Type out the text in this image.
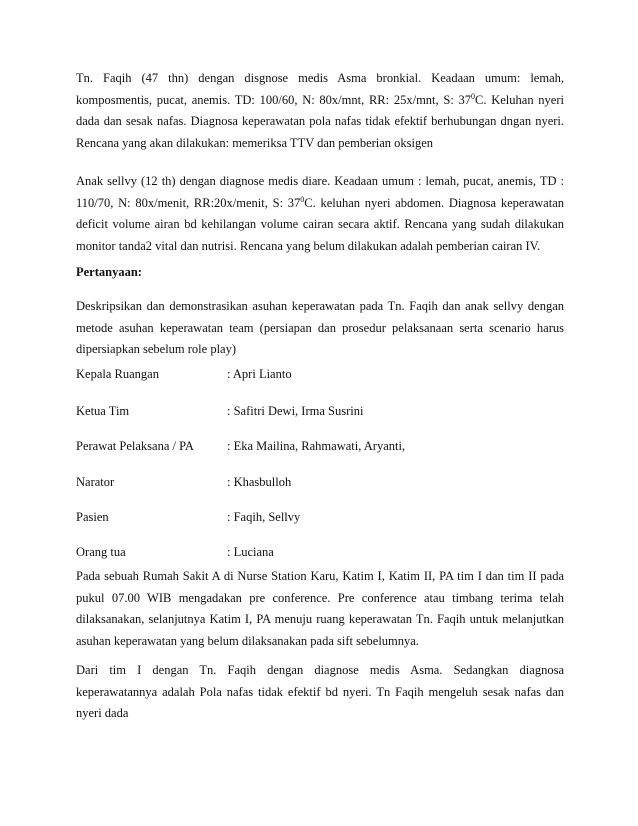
Tn. Faqih (47 thn) dengan disgnose medis Asma bronkial. Keadaan umum: lemah,
komposmentis, pucat, anemis. TD: 100/60, N: 80x/mnt, RR: 25x/mnt, S: $37^0C$. Keluhan nyeri
dada dan sesak nafas. Diagnosa keperawatan pola nafas tidak efektif berhubungan dngan nyeri.
Rencana yang akan dilakukan: memeriksa TTV dan pemberian oksigen
Anak sellvy (12 th) dengan diagnose medis diare. Keadaan umum : lemah, pucat, anemis, TD :
110/70, N: 80x/menit, RR:20x/menit, S: $37^0C$. keluhan nyeri abdomen. Diagnosa keperawatan
deficit volume airan bd kehilangan volume cairan secara aktif. Rencana yang sudah dilakukan
monitor tanda2 vital dan nutrisi. Rencana yang belum dilakukan adalah pemberian cairan IV.
Pertanyaan:
Deskripsikan dan demonstrasikan asuhan keperawatan pada Tn. Faqih dan anak sellvy dengan
metode asuhan keperawatan team (persiapan dan prosedur pelaksanaan serta scenario harus
dipersiapkan sebelum role play)
Kepala Ruangan	: Apri Lianto
Ketua Tim	: Safitri Dewi, Irma Susrini
Perawat Pelaksana / PA	: Eka Mailina, Rahmawati, Aryanti,
Narator	: Khasbulloh
Pasien	: Faqih, Sellvy
Orang tua	: Luciana
Pada sebuah Rumah Sakit A di Nurse Station Karu, Katim I, Katim II, PA tim I dan tim II pada
pukul 07.00 WIB mengadakan pre conference. Pre conference atau timbang terima telah
dilaksanakan, selanjutnya Katim I, PA menuju ruang keperawatan Tn. Faqih untuk melanjutkan
asuhan keperawatan yang belum dilaksanakan pada sift sebelumnya.
Dari tim I dengan Tn. Faqih dengan diagnose medis Asma. Sedangkan diagnosa
keperawatannya adalah Pola nafas tidak efektif bd nyeri. Tn Faqih mengeluh sesak nafas dan
nyeri dada
